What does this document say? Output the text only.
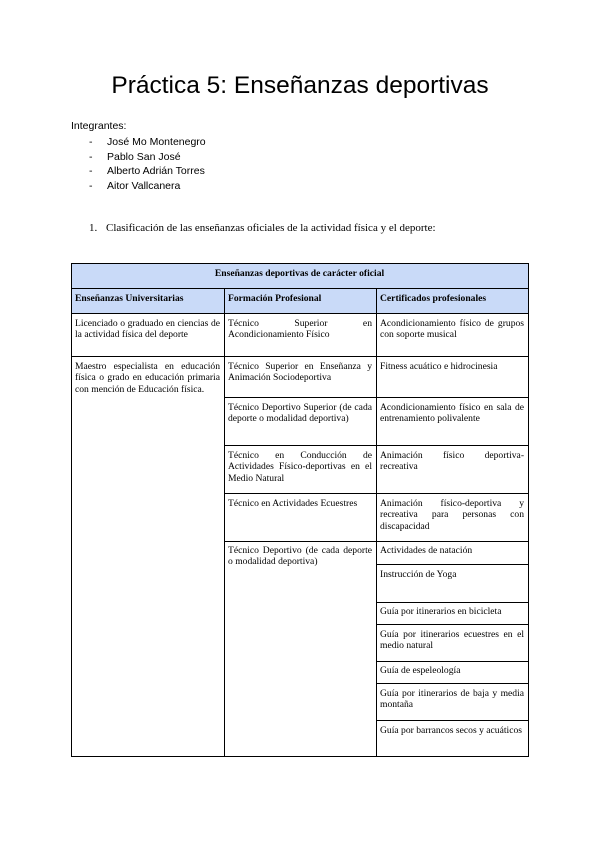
Práctica 5: Enseñanzas deportivas
Integrantes:
- José Mo Montenegro
- Pablo San José
- Alberto Adrián Torres
- Aitor Vallcanera
1. Clasificación de las enseñanzas oficiales de la actividad física y el deporte:
Enseñanzas deportivas de carácter oficial		
Enseñanzas Universitarias	Formación Profesional	Certificados profesionales
Licenciado o graduado en ciencias de la actividad física del deporte	Técnico Superior en Acondicionamiento Físico	Acondicionamiento físico de grupos con soporte musical
Maestro especialista en educación física o grado en educación primaria con mención de Educación física.	Técnico Superior en Enseñanza y Animación Sociodeportiva	Fitness acuático e hidrocinesia
	Técnico Deportivo Superior (de cada deporte o modalidad deportiva)	Acondicionamiento físico en sala de entrenamiento polivalente
	Técnico en Conducción de Actividades Físico-deportivas en el Medio Natural	Animación físico deportiva-recreativa
	Técnico en Actividades Ecuestres	Animación físico-deportiva y recreativa para personas con discapacidad
	Técnico Deportivo (de cada deporte o modalidad deportiva)	Actividades de natación
		Instrucción de Yoga
		Guía por itinerarios en bicicleta
		Guía por itinerarios ecuestres en el medio natural
		Guía de espeleología
		Guía por itinerarios de baja y media montaña
		Guía por barrancos secos y acuáticos
